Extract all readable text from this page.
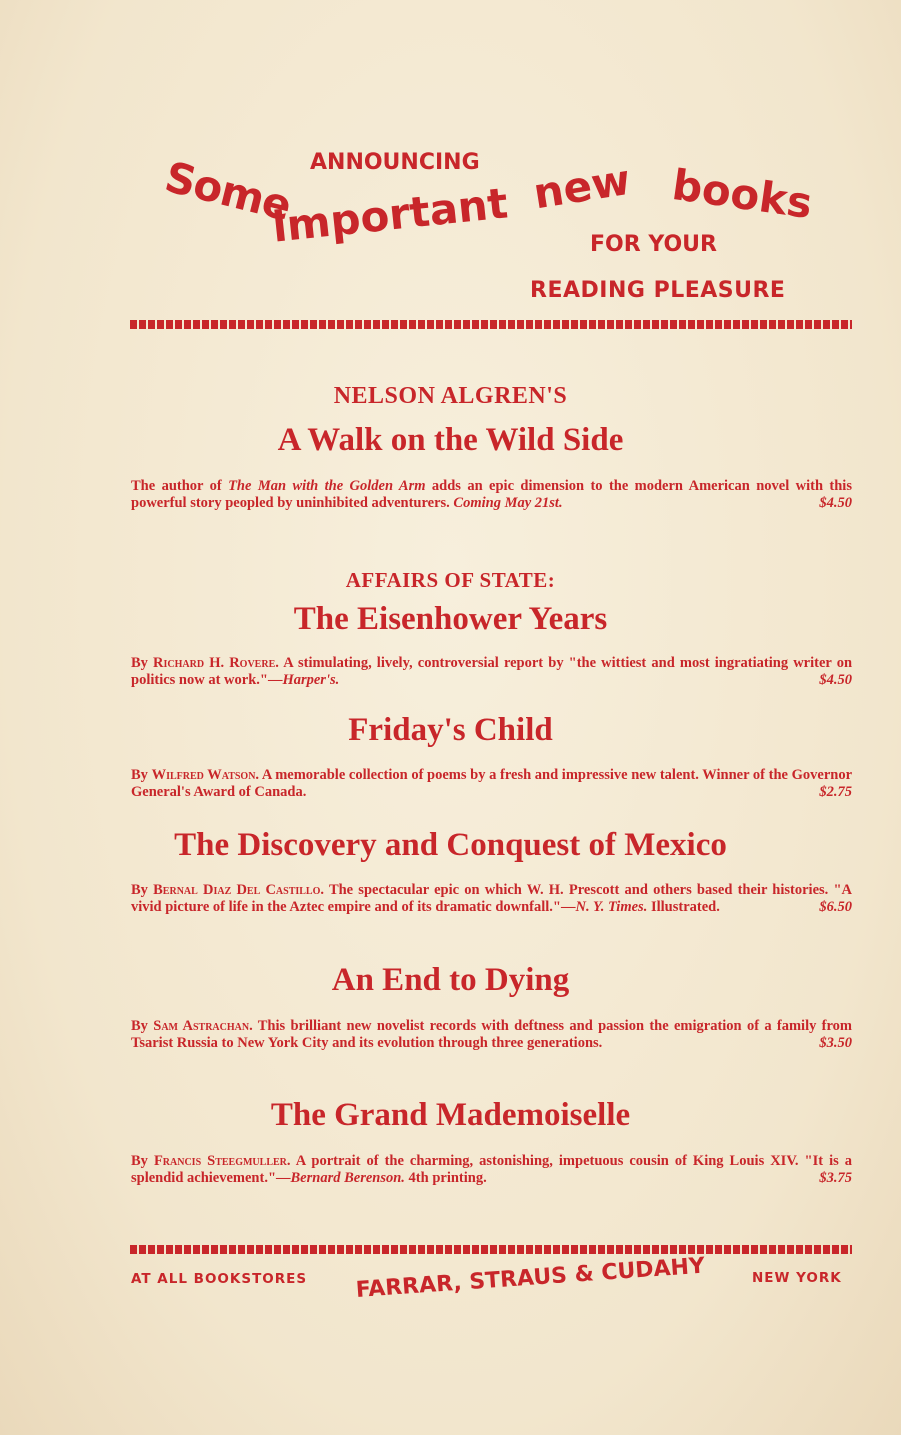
ANNOUNCING
Some
important new books
FOR YOUR
READING PLEASURE
NELSON ALGREN'S
A Walk on the Wild Side
The author of The Man with the Golden Arm adds an epic dimension to the modern American novel with this powerful story peopled by uninhibited adventurers. Coming May 21st.	$4.50
AFFAIRS OF STATE:
The Eisenhower Years
By Richard H. Rovere. A stimulating, lively, controversial report by "the wittiest and most ingratiating writer on politics now at work."—Harper's.	$4.50
Friday's Child
By Wilfred Watson. A memorable collection of poems by a fresh and impressive new talent. Winner of the Governor General's Award of Canada.	$2.75
The Discovery and Conquest of Mexico
By Bernal Diaz Del Castillo. The spectacular epic on which W. H. Prescott and others based their histories. "A vivid picture of life in the Aztec empire and of its dramatic downfall."—N. Y. Times. Illustrated.	$6.50
An End to Dying
By Sam Astrachan. This brilliant new novelist records with deftness and passion the emigration of a family from Tsarist Russia to New York City and its evolution through three generations.	$3.50
The Grand Mademoiselle
By Francis Steegmuller. A portrait of the charming, astonishing, impetuous cousin of King Louis XIV. "It is a splendid achievement."—Bernard Berenson. 4th printing.	$3.75
AT ALL BOOKSTORES FARRAR, STRAUS & CUDAHY	NEW YORK
